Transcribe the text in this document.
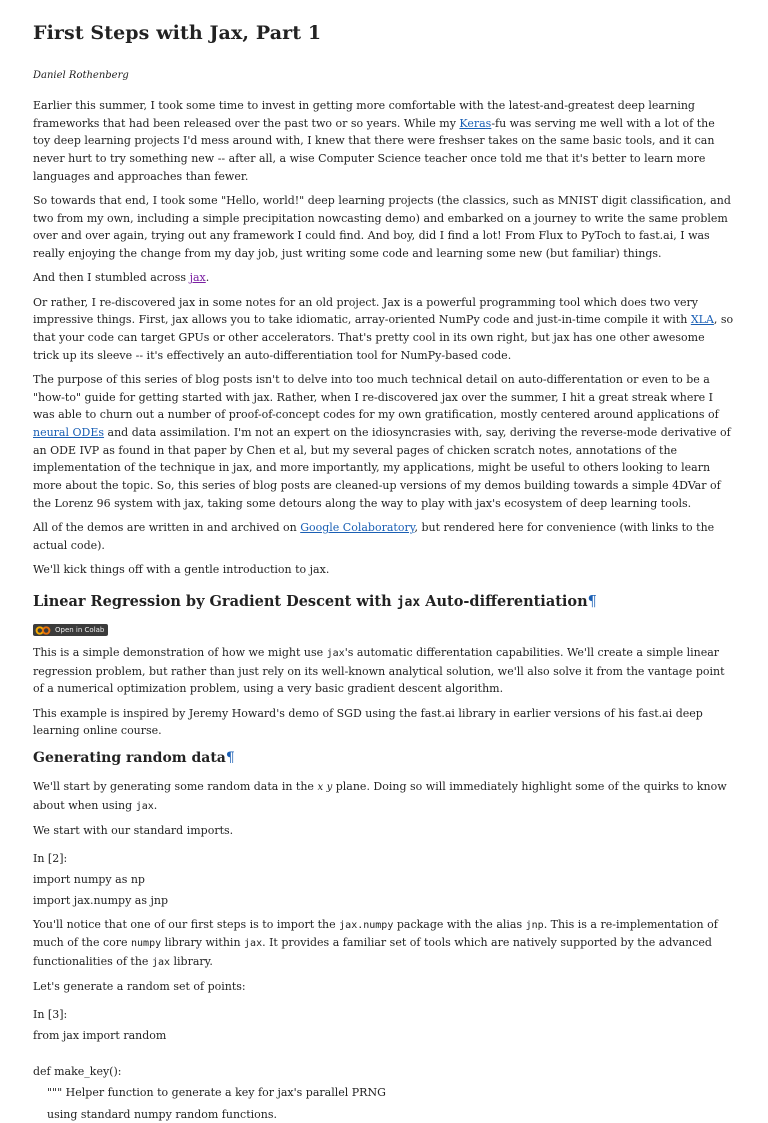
First Steps with Jax, Part 1
Daniel Rothenberg

Earlier this summer, I took some time to invest in getting more comfortable with the latest-and-greatest deep learning frameworks that had been released over the past two or so years. While my Keras-fu was serving me well with a lot of the toy deep learning projects I'd mess around with, I knew that there were freshser takes on the same basic tools, and it can never hurt to try something new -- after all, a wise Computer Science teacher once told me that it's better to learn more languages and approaches than fewer.

So towards that end, I took some "Hello, world!" deep learning projects (the classics, such as MNIST digit classification, and two from my own, including a simple precipitation nowcasting demo) and embarked on a journey to write the same problem over and over again, trying out any framework I could find. And boy, did I find a lot! From Flux to PyToch to fast.ai, I was really enjoying the change from my day job, just writing some code and learning some new (but familiar) things.

And then I stumbled across jax.

Or rather, I re-discovered jax in some notes for an old project. Jax is a powerful programming tool which does two very impressive things. First, jax allows you to take idiomatic, array-oriented NumPy code and just-in-time compile it with XLA, so that your code can target GPUs or other accelerators. That's pretty cool in its own right, but jax has one other awesome trick up its sleeve -- it's effectively an auto-differentiation tool for NumPy-based code.

The purpose of this series of blog posts isn't to delve into too much technical detail on auto-differentation or even to be a "how-to" guide for getting started with jax. Rather, when I re-discovered jax over the summer, I hit a great streak where I was able to churn out a number of proof-of-concept codes for my own gratification, mostly centered around applications of neural ODEs and data assimilation. I'm not an expert on the idiosyncrasies with, say, deriving the reverse-mode derivative of an ODE IVP as found in that paper by Chen et al, but my several pages of chicken scratch notes, annotations of the implementation of the technique in jax, and more importantly, my applications, might be useful to others looking to learn more about the topic. So, this series of blog posts are cleaned-up versions of my demos building towards a simple 4DVar of the Lorenz 96 system with jax, taking some detours along the way to play with jax's ecosystem of deep learning tools.

All of the demos are written in and archived on Google Colaboratory, but rendered here for convenience (with links to the actual code).

We'll kick things off with a gentle introduction to jax.

Linear Regression by Gradient Descent with jax Auto-differentiation¶
Open in Colab

This is a simple demonstration of how we might use jax's automatic differentation capabilities. We'll create a simple linear regression problem, but rather than just rely on its well-known analytical solution, we'll also solve it from the vantage point of a numerical optimization problem, using a very basic gradient descent algorithm.

This example is inspired by Jeremy Howard's demo of SGD using the fast.ai library in earlier versions of his fast.ai deep learning online course.

Generating random data¶

We'll start by generating some random data in the x y plane. Doing so will immediately highlight some of the quirks to know about when using jax.

We start with our standard imports.

In [2]:
import numpy as np
import jax.numpy as jnp

You'll notice that one of our first steps is to import the jax.numpy package with the alias jnp. This is a re-implementation of much of the core numpy library within jax. It provides a familiar set of tools which are natively supported by the advanced functionalities of the jax library.

Let's generate a random set of points:

In [3]:
from jax import random
def make_key():
""" Helper function to generate a key for jax's parallel PRNG
using standard numpy random functions.
